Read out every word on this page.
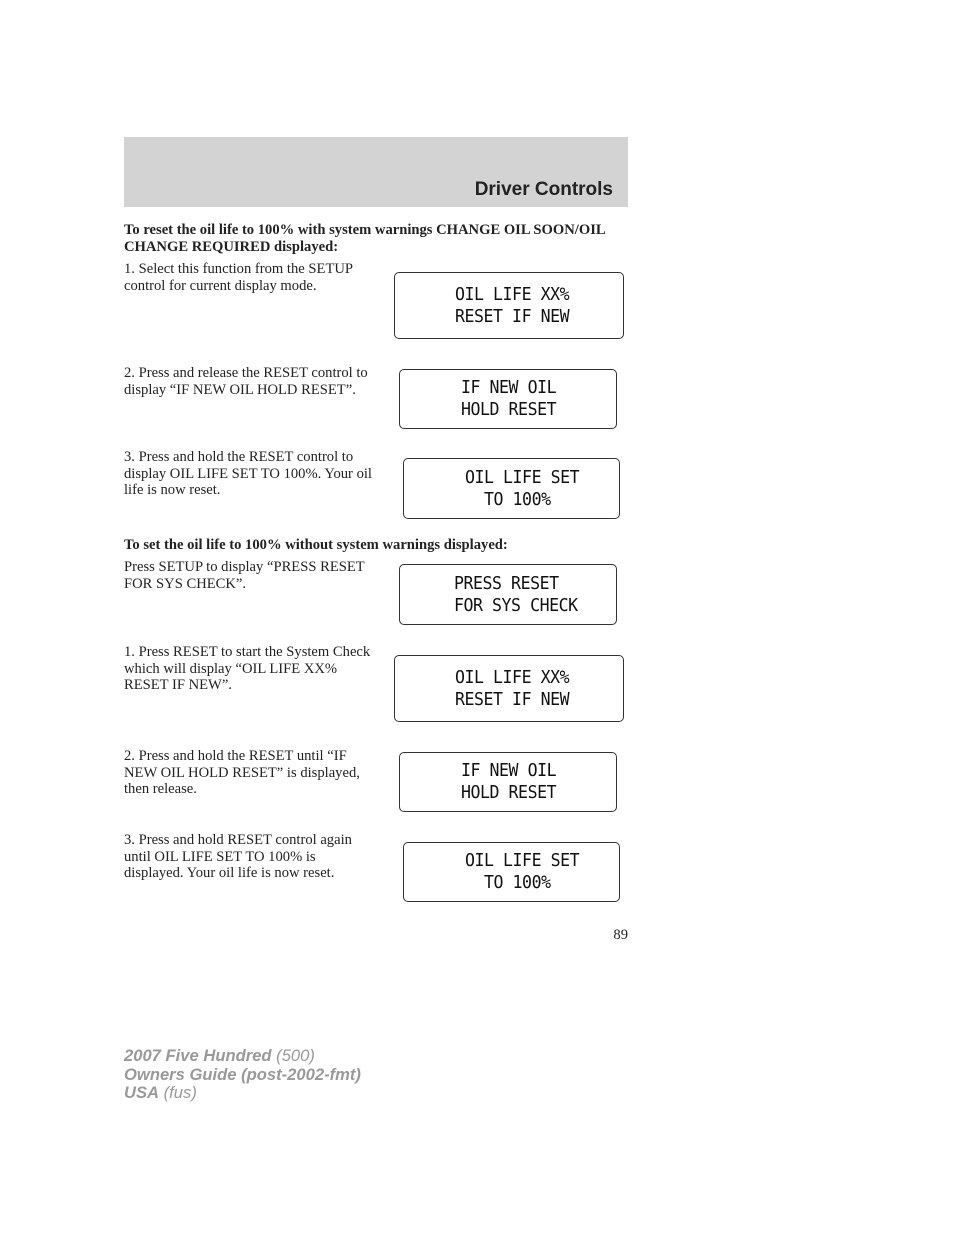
Driver Controls
To reset the oil life to 100% with system warnings CHANGE OIL SOON/OIL CHANGE REQUIRED displayed:
1. Select this function from the SETUP control for current display mode.	OIL LIFE XX%
RESET IF NEW
2. Press and release the RESET control to display “IF NEW OIL HOLD RESET”.	IF NEW OIL
HOLD RESET
3. Press and hold the RESET control to display OIL LIFE SET TO 100%. Your oil life is now reset.
OIL LIFE SET
TO 100%
To set the oil life to 100% without system warnings displayed:
Press SETUP to display “PRESS RESET FOR SYS CHECK”.	PRESS RESET
FOR SYS CHECK
1. Press RESET to start the System Check which will display “OIL LIFE XX% RESET IF NEW”.	OIL LIFE XX%
RESET IF NEW
2. Press and hold the RESET until “IF NEW OIL HOLD RESET” is displayed, then release.
IF NEW OIL
HOLD RESET
3. Press and hold RESET control again until OIL LIFE SET TO 100% is displayed. Your oil life is now reset.
OIL LIFE SET
TO 100%
89
2007 Five Hundred (500)
Owners Guide (post-2002-fmt)
USA (fus)
